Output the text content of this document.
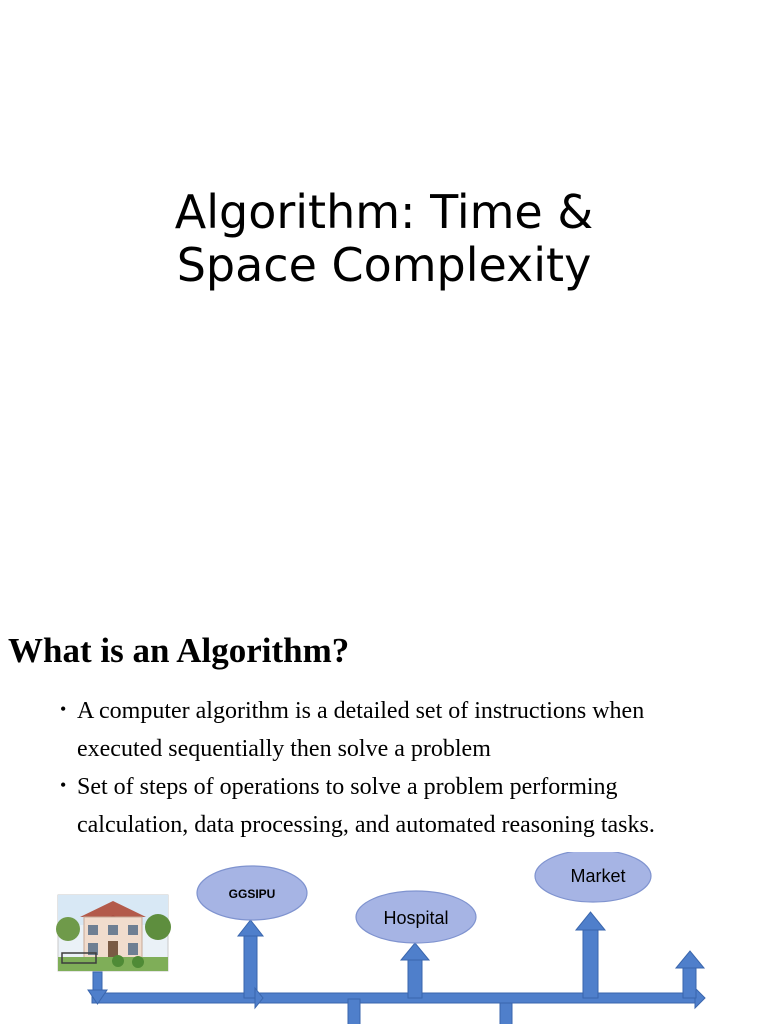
Algorithm: Time &
Space Complexity
What is an Algorithm?
• A computer algorithm is a detailed set of instructions when
executed sequentially then solve a problem
• Set of steps of operations to solve a problem performing
calculation, data processing, and automated reasoning tasks.
GGSIPU
Hospital
Market
